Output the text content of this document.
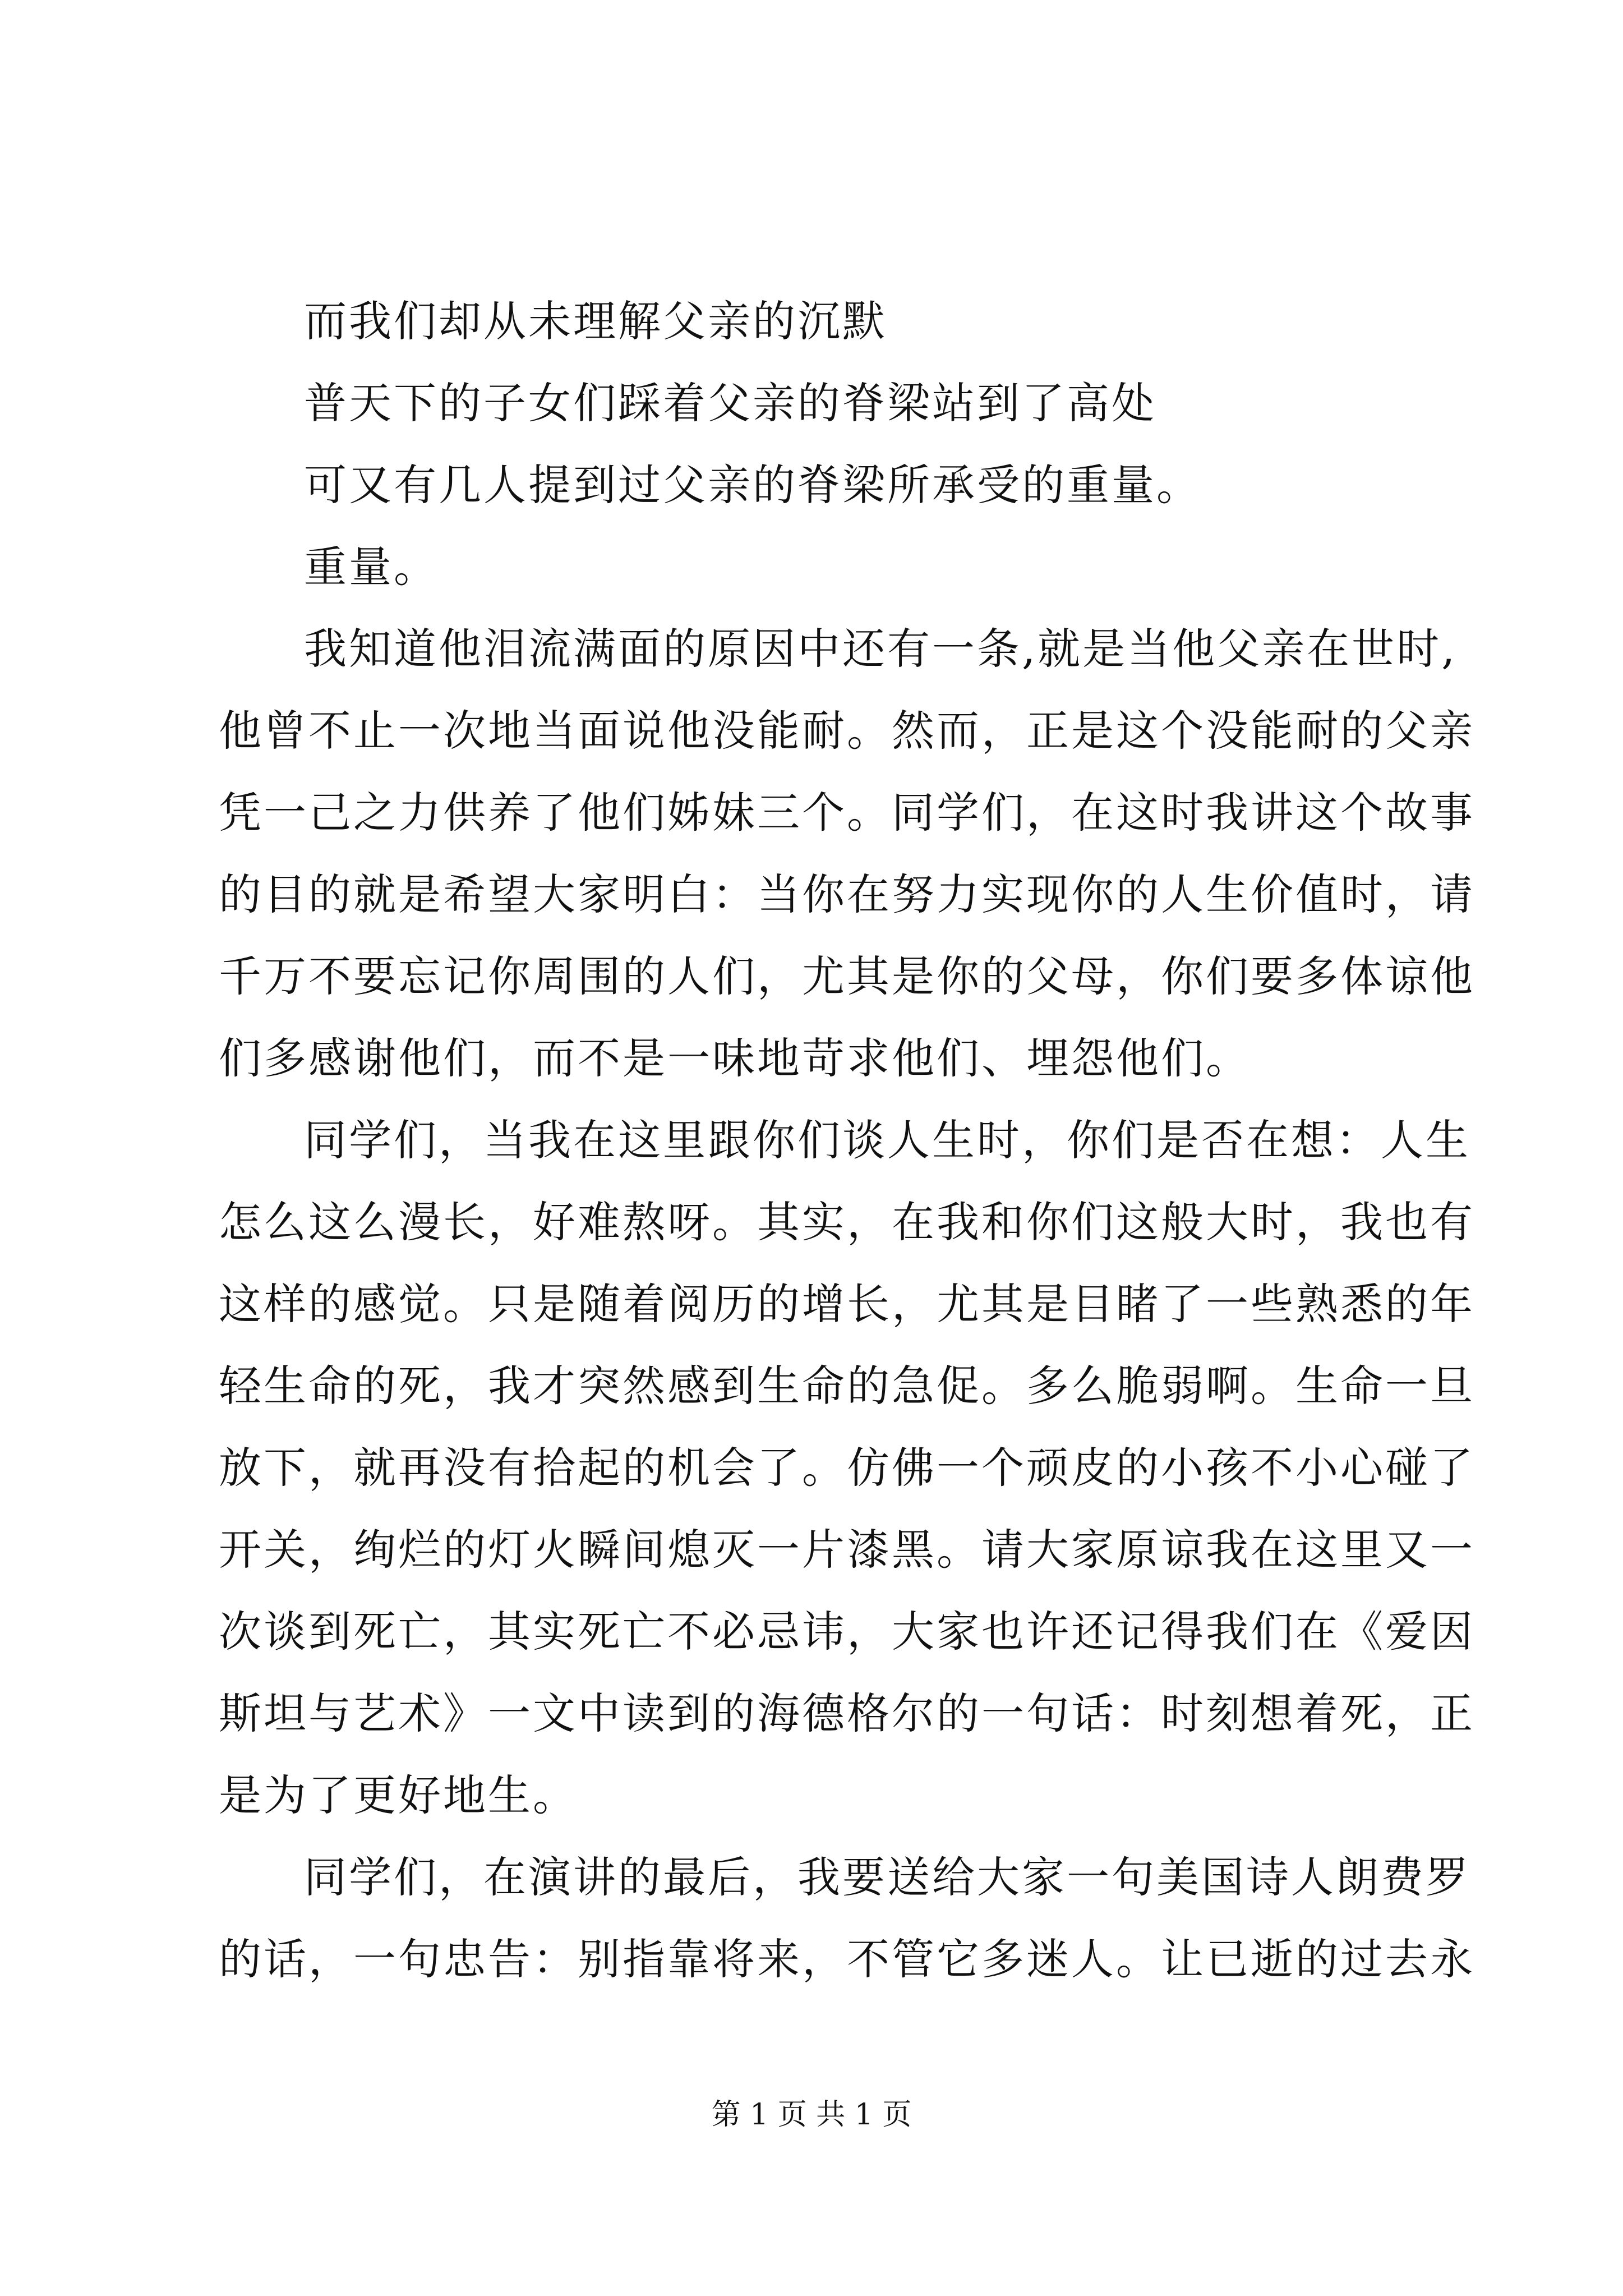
而我们却从未理解父亲的沉默
普天下的子女们踩着父亲的脊梁站到了高处
可又有几人提到过父亲的脊梁所承受的重量。
重量。
我知道他泪流满面的原因中还有一条,就是当他父亲在世时,
他曾不止一次地当面说他没能耐。然而，正是这个没能耐的父亲
凭一己之力供养了他们姊妹三个。同学们，在这时我讲这个故事
的目的就是希望大家明白：当你在努力实现你的人生价值时，请
千万不要忘记你周围的人们，尤其是你的父母，你们要多体谅他
们多感谢他们，而不是一味地苛求他们、埋怨他们。
同学们，当我在这里跟你们谈人生时，你们是否在想：人生
怎么这么漫长，好难熬呀。其实，在我和你们这般大时，我也有
这样的感觉。只是随着阅历的增长，尤其是目睹了一些熟悉的年
轻生命的死，我才突然感到生命的急促。多么脆弱啊。生命一旦
放下，就再没有拾起的机会了。仿佛一个顽皮的小孩不小心碰了
开关，绚烂的灯火瞬间熄灭一片漆黑。请大家原谅我在这里又一
次谈到死亡，其实死亡不必忌讳，大家也许还记得我们在《爱因
斯坦与艺术》一文中读到的海德格尔的一句话：时刻想着死，正
是为了更好地生。
同学们，在演讲的最后，我要送给大家一句美国诗人朗费罗
的话，一句忠告：别指靠将来，不管它多迷人。让已逝的过去永
第 1 页 共 1 页
